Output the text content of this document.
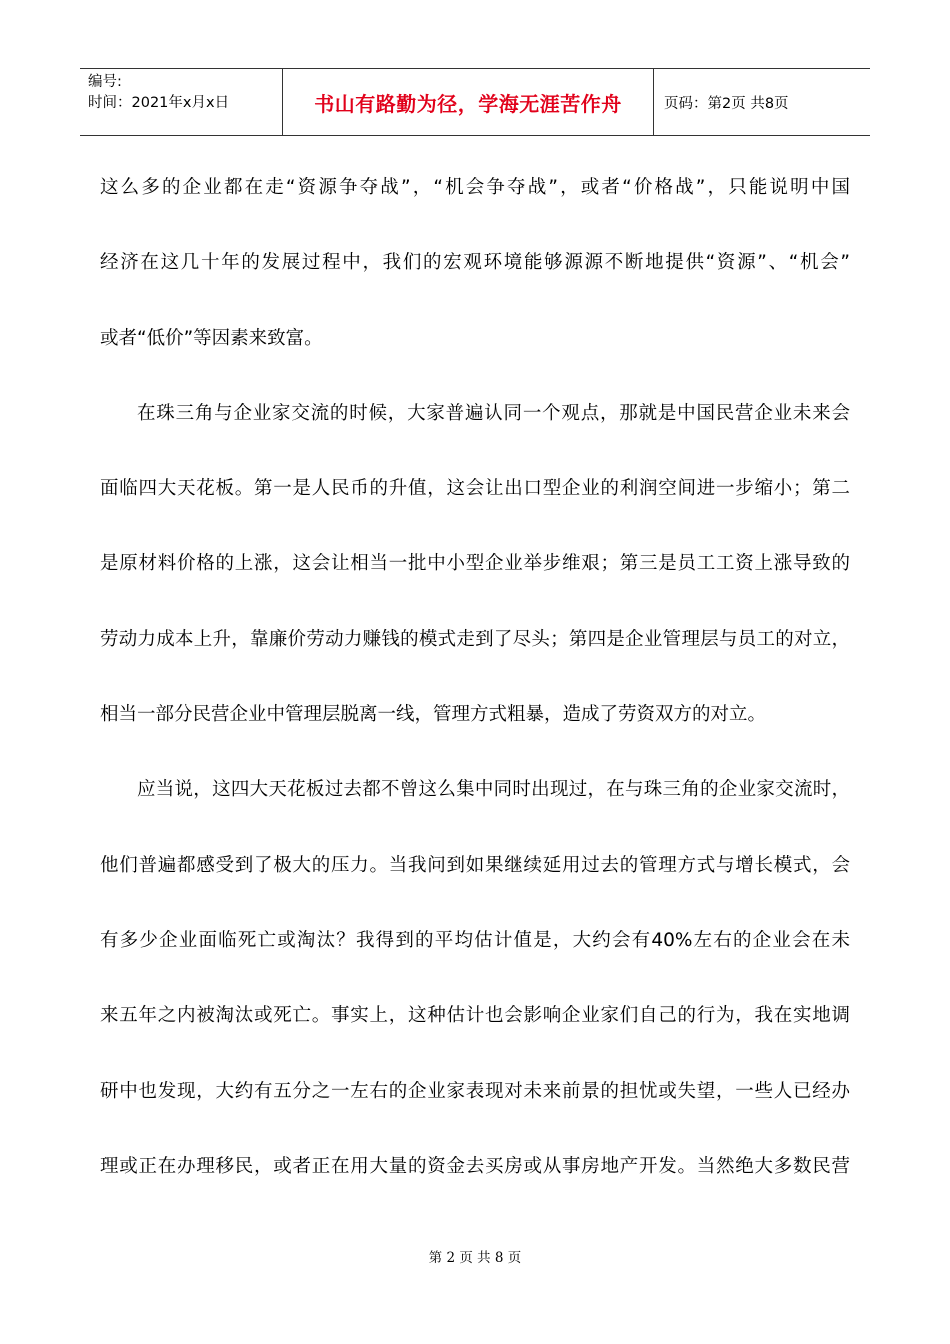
编号:
时间：2021年x月x日	书山有路勤为径，学海无涯苦作舟	页码：第2页 共8页
这么多的企业都在走“资源争夺战”，“机会争夺战”，或者“价格战”，只能说明中国
经济在这几十年的发展过程中，我们的宏观环境能够源源不断地提供“资源”、“机会”
或者“低价”等因素来致富。
在珠三角与企业家交流的时候，大家普遍认同一个观点，那就是中国民营企业未来会
面临四大天花板。第一是人民币的升值，这会让出口型企业的利润空间进一步缩小；第二
是原材料价格的上涨，这会让相当一批中小型企业举步维艰；第三是员工工资上涨导致的
劳动力成本上升，靠廉价劳动力赚钱的模式走到了尽头；第四是企业管理层与员工的对立，
相当一部分民营企业中管理层脱离一线，管理方式粗暴，造成了劳资双方的对立。
应当说，这四大天花板过去都不曾这么集中同时出现过，在与珠三角的企业家交流时，
他们普遍都感受到了极大的压力。当我问到如果继续延用过去的管理方式与增长模式，会
有多少企业面临死亡或淘汰？我得到的平均估计值是，大约会有40%左右的企业会在未
来五年之内被淘汰或死亡。事实上，这种估计也会影响企业家们自己的行为，我在实地调
研中也发现，大约有五分之一左右的企业家表现对未来前景的担忧或失望，一些人已经办
理或正在办理移民，或者正在用大量的资金去买房或从事房地产开发。当然绝大多数民营
第 2 页 共 8 页
